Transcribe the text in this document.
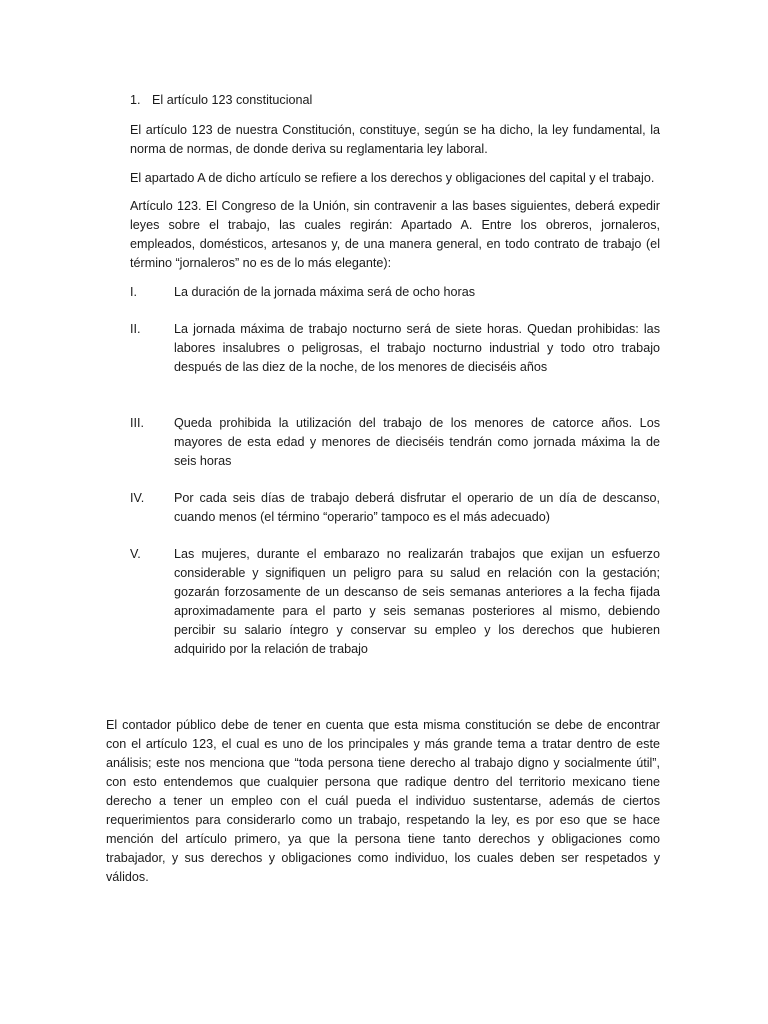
1. El artículo 123 constitucional

El artículo 123 de nuestra Constitución, constituye, según se ha dicho, la ley fundamental, la norma de normas, de donde deriva su reglamentaria ley laboral.

El apartado A de dicho artículo se refiere a los derechos y obligaciones del capital y el trabajo.

Artículo 123. El Congreso de la Unión, sin contravenir a las bases siguientes, deberá expedir leyes sobre el trabajo, las cuales regirán: Apartado A. Entre los obreros, jornaleros, empleados, domésticos, artesanos y, de una manera general, en todo contrato de trabajo (el término “jornaleros” no es de lo más elegante):

I.	La duración de la jornada máxima será de ocho horas

II.	La jornada máxima de trabajo nocturno será de siete horas. Quedan prohibidas: las labores insalubres o peligrosas, el trabajo nocturno industrial y todo otro trabajo después de las diez de la noche, de los menores de dieciséis años

III. Queda prohibida la utilización del trabajo de los menores de catorce años. Los mayores de esta edad y menores de dieciséis tendrán como jornada máxima la de seis horas

IV. Por cada seis días de trabajo deberá disfrutar el operario de un día de descanso, cuando menos (el término “operario” tampoco es el más adecuado)

V.	Las mujeres, durante el embarazo no realizarán trabajos que exijan un esfuerzo considerable y signifiquen un peligro para su salud en relación con la gestación; gozarán forzosamente de un descanso de seis semanas anteriores a la fecha fijada aproximadamente para el parto y seis semanas posteriores al mismo, debiendo percibir su salario íntegro y conservar su empleo y los derechos que hubieren adquirido por la relación de trabajo

El contador público debe de tener en cuenta que esta misma constitución se debe de encontrar con el artículo 123, el cual es uno de los principales y más grande tema a tratar dentro de este análisis; este nos menciona que “toda persona tiene derecho al trabajo digno y socialmente útil”, con esto entendemos que cualquier persona que radique dentro del territorio mexicano tiene derecho a tener un empleo con el cuál pueda el individuo sustentarse, además de ciertos requerimientos para considerarlo como un trabajo, respetando la ley, es por eso que se hace mención del artículo primero, ya que la persona tiene tanto derechos y obligaciones como trabajador, y sus derechos y obligaciones como individuo, los cuales deben ser respetados y válidos.
